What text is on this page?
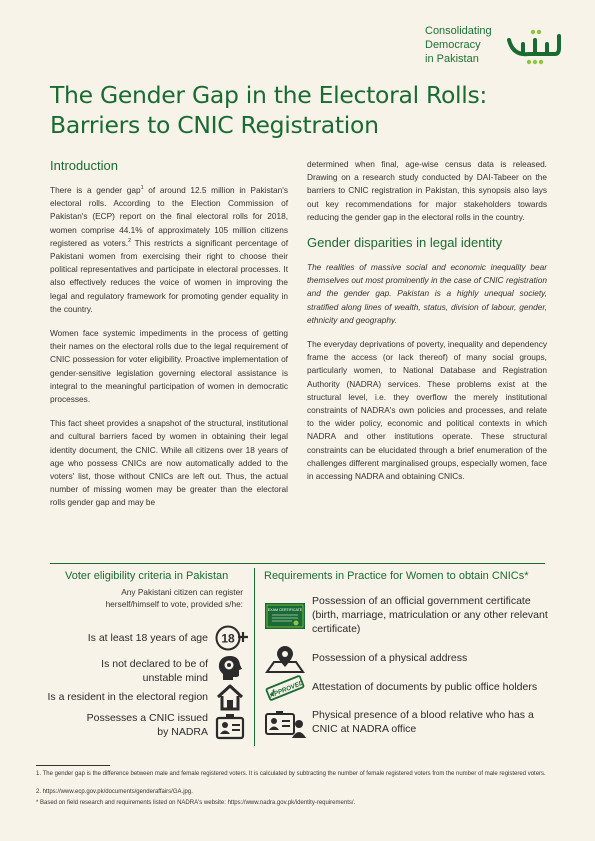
Consolidating
Democracy
in Pakistan
The Gender Gap in the Electoral Rolls:
Barriers to CNIC Registration
Introduction

There is a gender gap$^1$ of around 12.5 million in Pakistan's electoral rolls. According to the Election Commission of Pakistan's (ECP) report on the final electoral rolls for 2018, women comprise 44.1% of approximately 105 million citizens registered as voters.$^2$ This restricts a significant percentage of Pakistani women from exercising their right to choose their political representatives and participate in electoral processes. It also effectively reduces the voice of women in improving the legal and regulatory framework for promoting gender equality in the country.

Women face systemic impediments in the process of getting their names on the electoral rolls due to the legal requirement of CNIC possession for voter eligibility. Proactive implementation of gender-sensitive legislation governing electoral assistance is integral to the meaningful participation of women in democratic processes.

This fact sheet provides a snapshot of the structural, institutional and cultural barriers faced by women in obtaining their legal identity document, the CNIC. While all citizens over 18 years of age who possess CNICs are now automatically added to the voters' list, those without CNICs are left out. Thus, the actual number of missing women may be greater than the electoral rolls gender gap and may be

determined when final, age-wise census data is released. Drawing on a research study conducted by DAI-Tabeer on the barriers to CNIC registration in Pakistan, this synopsis also lays out key recommendations for major stakeholders towards reducing the gender gap in the electoral rolls in the country.

Gender disparities in legal identity

The realities of massive social and economic inequality bear themselves out most prominently in the case of CNIC registration and the gender gap. Pakistan is a highly unequal society, stratified along lines of wealth, status, division of labour, gender, ethnicity and geography.

The everyday deprivations of poverty, inequality and dependency frame the access (or lack thereof) of many social groups, particularly women, to National Database and Registration Authority (NADRA) services. These problems exist at the structural level, i.e. they overflow the merely institutional constraints of NADRA's own policies and processes, and relate to the wider policy, economic and political contexts in which NADRA and other institutions operate. These structural constraints can be elucidated through a brief enumeration of the challenges different marginalised groups, especially women, face in accessing NADRA and obtaining CNICs.

Voter eligibility criteria in Pakistan	Requirements in Practice for Women to obtain CNICs*
Any Pakistani citizen can register herself/himself to vote, provided s/he:
Is at least 18 years of age 18
Is not declared to be of unstable mind
Is a resident in the electoral region
Possesses a CNIC issued by NADRA
EXAM CERTIFICATE
Possession of an official government certificate (birth, marriage, matriculation or any other relevant certificate)
Possession of a physical address
APPROVED Attestation of documents by public office holders
Physical presence of a blood relative who has a CNIC at NADRA office
1. The gender gap is the difference between male and female registered voters. It is calculated by subtracting the number of female registered voters from the number of male registered voters.
2. https://www.ecp.gov.pk/documents/genderaffairs/GA.jpg.
* Based on field research and requirements listed on NADRA's website: https://www.nadra.gov.pk/identity-requirements/.
